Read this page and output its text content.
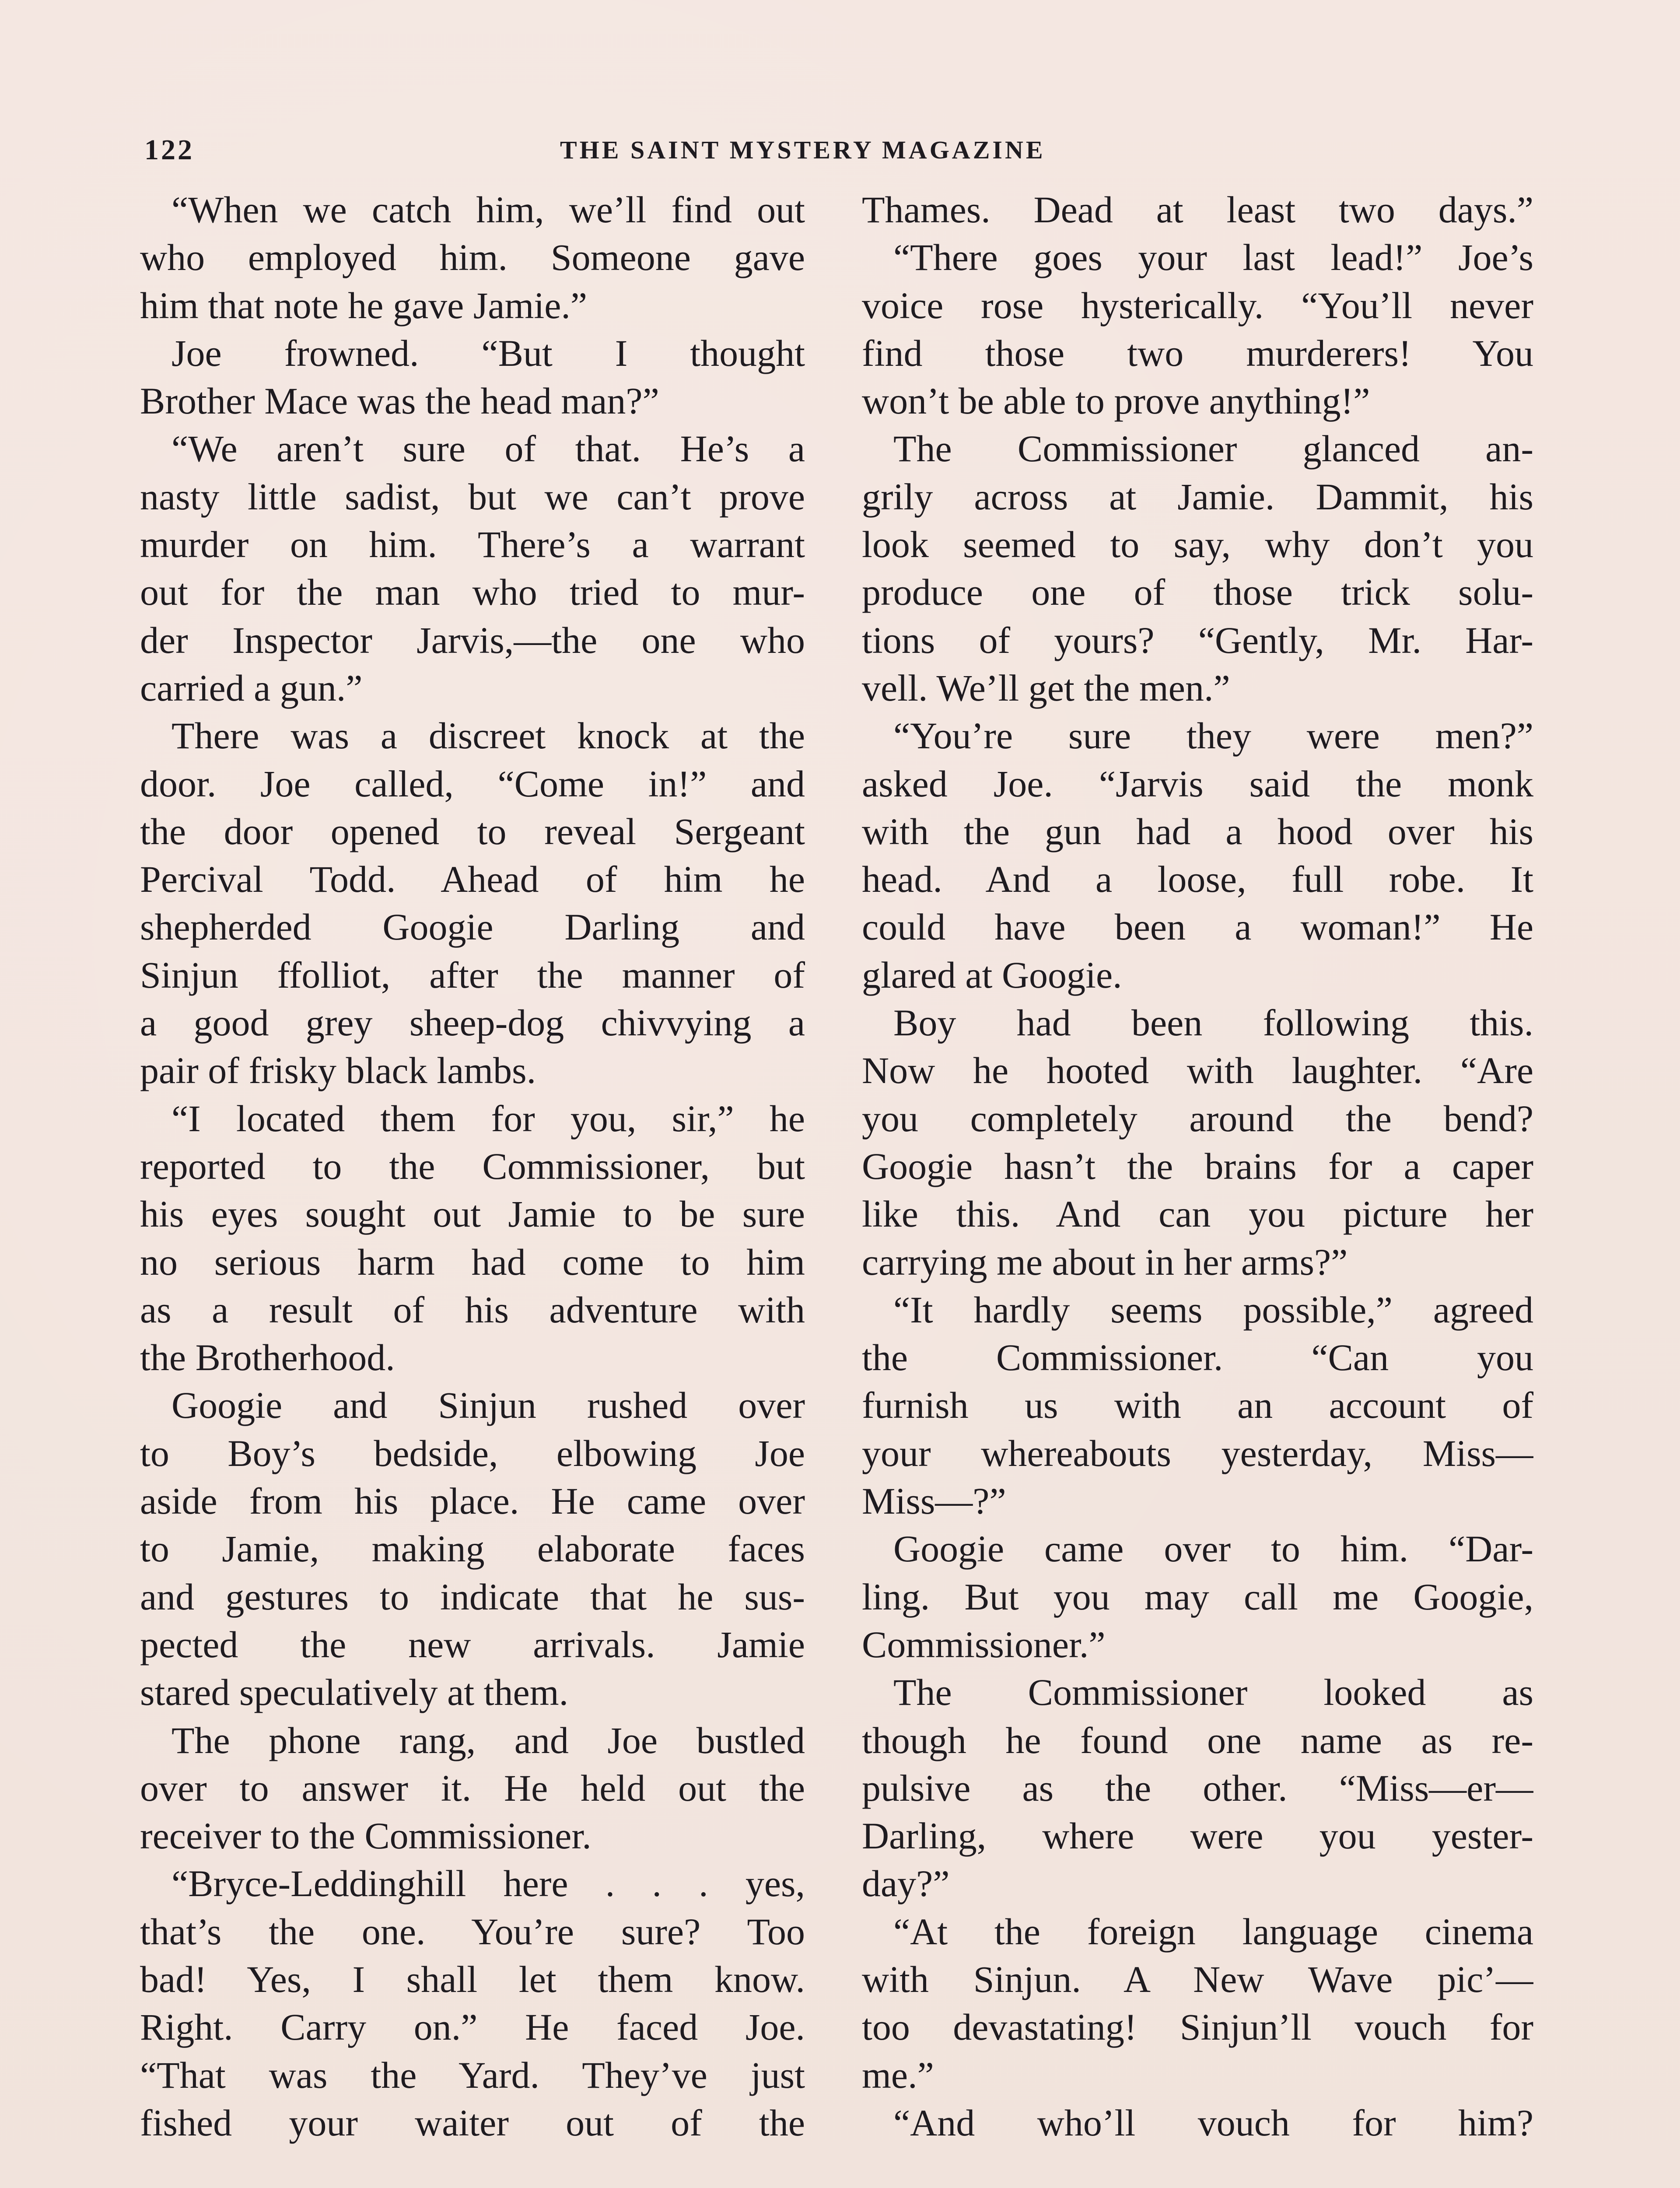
122	THE SAINT MYSTERY MAGAZINE
“When we catch him, we’ll find out
who employed him. Someone gave
him that note he gave Jamie.”
Joe frowned. “But I thought
Brother Mace was the head man?”
“We aren’t sure of that. He’s a
nasty little sadist, but we can’t prove
murder on him. There’s a warrant
out for the man who tried to mur-
der Inspector Jarvis,—the one who
carried a gun.”
There was a discreet knock at the
door. Joe called, “Come in!” and
the door opened to reveal Sergeant
Percival Todd. Ahead of him he
shepherded Googie Darling and
Sinjun ffolliot, after the manner of
a good grey sheep-dog chivvying a
pair of frisky black lambs.
“I located them for you, sir,” he
reported to the Commissioner, but
his eyes sought out Jamie to be sure
no serious harm had come to him
as a result of his adventure with
the Brotherhood.
Googie and Sinjun rushed over
to Boy’s bedside, elbowing Joe
aside from his place. He came over
to Jamie, making elaborate faces
and gestures to indicate that he sus-
pected the new arrivals. Jamie
stared speculatively at them.
The phone rang, and Joe bustled
over to answer it. He held out the
receiver to the Commissioner.
“Bryce-Leddinghill here . . . yes,
that’s the one. You’re sure? Too
bad! Yes, I shall let them know.
Right. Carry on.” He faced Joe.
“That was the Yard. They’ve just
fished your waiter out of the
Thames. Dead at least two days.”
“There goes your last lead!” Joe’s
voice rose hysterically. “You’ll never
find those two murderers! You
won’t be able to prove anything!”
The Commissioner glanced an-
grily across at Jamie. Dammit, his
look seemed to say, why don’t you
produce one of those trick solu-
tions of yours? “Gently, Mr. Har-
vell. We’ll get the men.”
“You’re sure they were men?”
asked Joe. “Jarvis said the monk
with the gun had a hood over his
head. And a loose, full robe. It
could have been a woman!” He
glared at Googie.
Boy had been following this.
Now he hooted with laughter. “Are
you completely around the bend?
Googie hasn’t the brains for a caper
like this. And can you picture her
carrying me about in her arms?”
“It hardly seems possible,” agreed
the Commissioner. “Can you
furnish us with an account of
your whereabouts yesterday, Miss—
Miss—?”
Googie came over to him. “Dar-
ling. But you may call me Googie,
Commissioner.”
The Commissioner looked as
though he found one name as re-
pulsive as the other. “Miss—er—
Darling, where were you yester-
day?”
“At the foreign language cinema
with Sinjun. A New Wave pic’—
too devastating! Sinjun’ll vouch for
me.”
“And who’ll vouch for him?
